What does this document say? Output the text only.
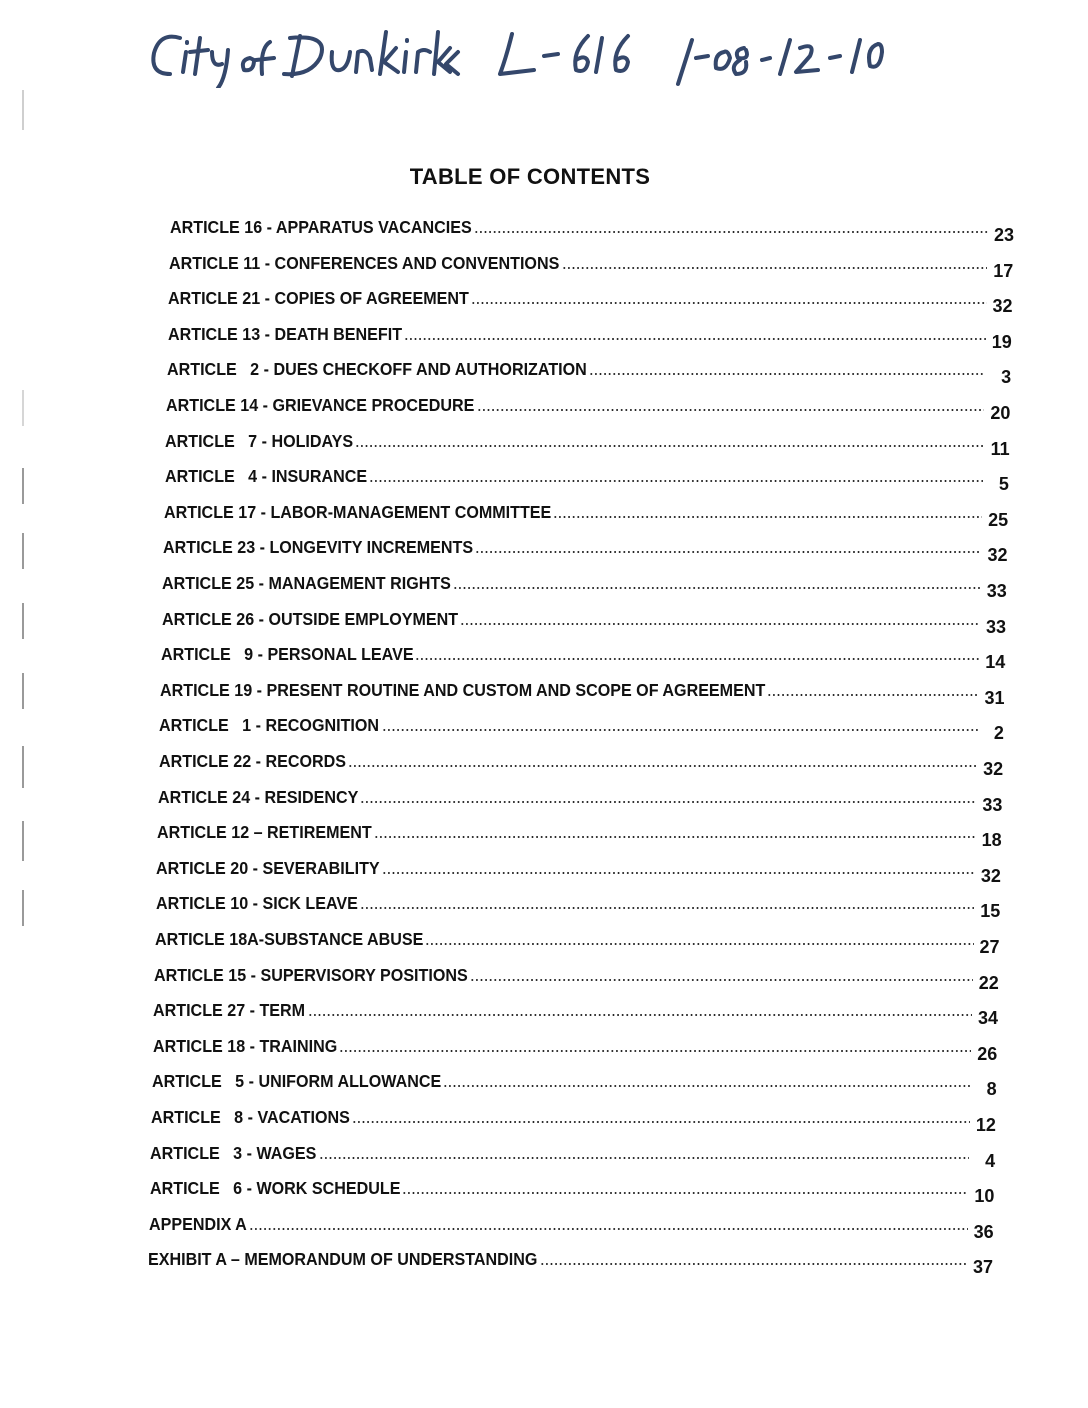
TABLE OF CONTENTS
ARTICLE 16 - APPARATUS VACANCIES	23
ARTICLE 11 - CONFERENCES AND CONVENTIONS	17
ARTICLE 21 - COPIES OF AGREEMENT	32
ARTICLE 13 - DEATH BENEFIT	19
ARTICLE   2 - DUES CHECKOFF AND AUTHORIZATION	3
ARTICLE 14 - GRIEVANCE PROCEDURE	20
ARTICLE   7 - HOLIDAYS	11
ARTICLE   4 - INSURANCE	5
ARTICLE 17 - LABOR-MANAGEMENT COMMITTEE	25
ARTICLE 23 - LONGEVITY INCREMENTS	32
ARTICLE 25 - MANAGEMENT RIGHTS	33
ARTICLE 26 - OUTSIDE EMPLOYMENT	33
ARTICLE   9 - PERSONAL LEAVE	14
ARTICLE 19 - PRESENT ROUTINE AND CUSTOM AND SCOPE OF AGREEMENT	31
ARTICLE   1 - RECOGNITION	2
ARTICLE 22 - RECORDS	32
ARTICLE 24 - RESIDENCY	33
ARTICLE 12 – RETIREMENT	18
ARTICLE 20 - SEVERABILITY	32
ARTICLE 10 - SICK LEAVE	15
ARTICLE 18A-SUBSTANCE ABUSE	27
ARTICLE 15 - SUPERVISORY POSITIONS	22
ARTICLE 27 - TERM	34
ARTICLE 18 - TRAINING	26
ARTICLE   5 - UNIFORM ALLOWANCE	8
ARTICLE   8 - VACATIONS	12
ARTICLE   3 - WAGES	4
ARTICLE   6 - WORK SCHEDULE	10
APPENDIX A	36
EXHIBIT A – MEMORANDUM OF UNDERSTANDING	37
